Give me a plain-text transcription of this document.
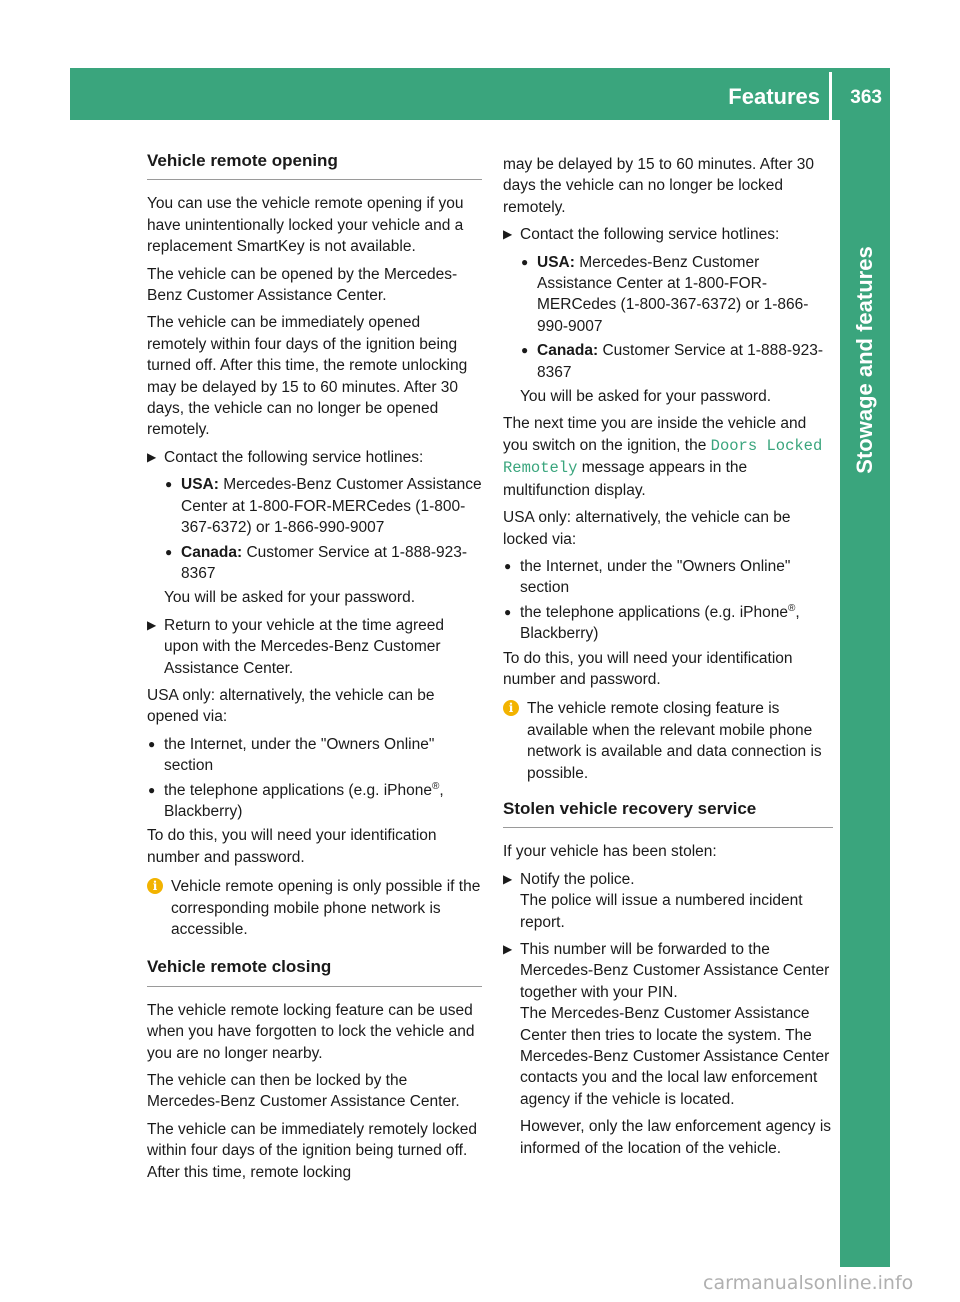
Features 363
Stowage and features
Vehicle remote opening

You can use the vehicle remote opening if you have unintentionally locked your vehicle and a replacement SmartKey is not available.

The vehicle can be opened by the Mercedes-Benz Customer Assistance Center.

The vehicle can be immediately opened remotely within four days of the ignition being turned off. After this time, the remote unlocking may be delayed by 15 to 60 minutes. After 30 days, the vehicle can no longer be opened remotely.

▶ Contact the following service hotlines:
● USA: Mercedes-Benz Customer Assistance Center at 1-800-FOR-MERCedes (1-800-367-6372) or 1-866-990-9007
● Canada: Customer Service at 1-888-923-8367

You will be asked for your password.

▶ Return to your vehicle at the time agreed upon with the Mercedes-Benz Customer Assistance Center.

USA only: alternatively, the vehicle can be opened via:

● the Internet, under the "Owners Online" section
● the telephone applications (e.g. iPhone®, Blackberry)

To do this, you will need your identification number and password.

i Vehicle remote opening is only possible if the corresponding mobile phone network is accessible.
Vehicle remote closing

The vehicle remote locking feature can be used when you have forgotten to lock the vehicle and you are no longer nearby.

The vehicle can then be locked by the Mercedes-Benz Customer Assistance Center.

The vehicle can be immediately remotely locked within four days of the ignition being turned off. After this time, remote locking

may be delayed by 15 to 60 minutes. After 30 days the vehicle can no longer be locked remotely.

▶ Contact the following service hotlines:
● USA: Mercedes-Benz Customer Assistance Center at 1-800-FOR-MERCedes (1-800-367-6372) or 1-866-990-9007
● Canada: Customer Service at 1-888-923-8367

You will be asked for your password.

The next time you are inside the vehicle and you switch on the ignition, the Doors Locked Remotely message appears in the multifunction display.

USA only: alternatively, the vehicle can be locked via:

● the Internet, under the "Owners Online" section
● the telephone applications (e.g. iPhone®, Blackberry)

To do this, you will need your identification number and password.

i The vehicle remote closing feature is available when the relevant mobile phone network is available and data connection is possible.
Stolen vehicle recovery service

If your vehicle has been stolen:

▶ Notify the police.
The police will issue a numbered incident report.
▶ This number will be forwarded to the Mercedes-Benz Customer Assistance Center together with your PIN.
The Mercedes-Benz Customer Assistance Center then tries to locate the system. The Mercedes-Benz Customer Assistance Center contacts you and the local law enforcement agency if the vehicle is located.
However, only the law enforcement agency is informed of the location of the vehicle.
carmanualsonline.info
